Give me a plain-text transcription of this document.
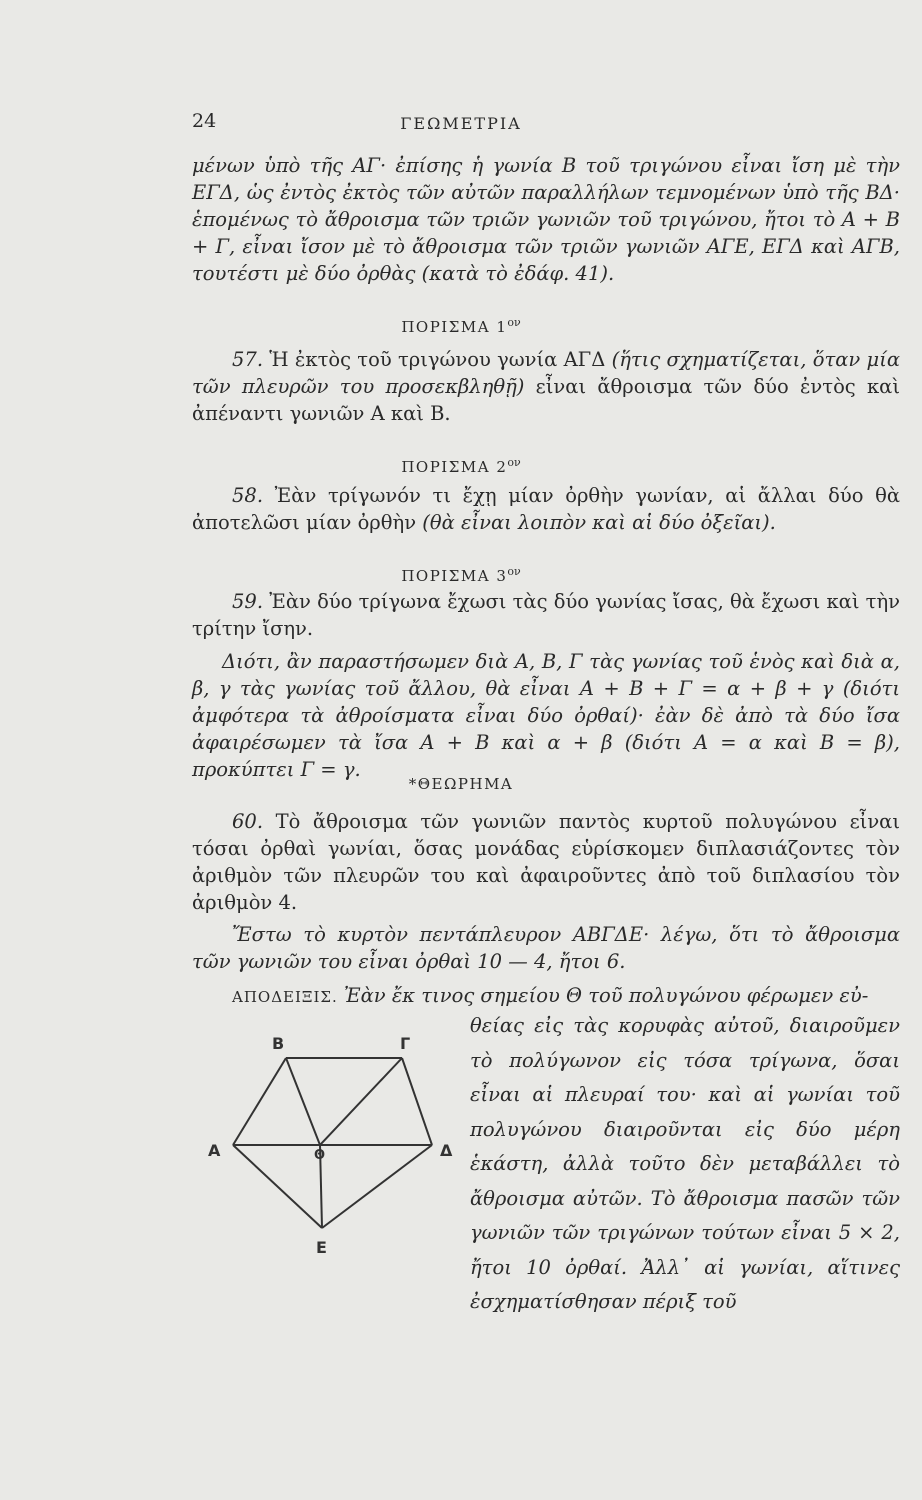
24	ΓΕΩΜΕΤΡΙΑ
μένων ὑπὸ τῆς ΑΓ· ἐπίσης ἡ γωνία Β τοῦ τριγώνου εἶναι ἴση μὲ τὴν ΕΓΔ, ὡς ἐντὸς ἐκτὸς τῶν αὐτῶν παραλλήλων τεμνομένων ὑπὸ τῆς ΒΔ· ἑπομένως τὸ ἄθροισμα τῶν τριῶν γωνιῶν τοῦ τριγώνου, ἤτοι τὸ Α + Β + Γ, εἶναι ἴσον μὲ τὸ ἄθροισμα τῶν τριῶν γωνιῶν ΑΓΕ, ΕΓΔ καὶ ΑΓΒ, τουτέστι μὲ δύο ὀρθὰς (κατὰ τὸ ἐδάφ. 41).
ΠΟΡΙΣΜΑ $1^{o\nu}$
57. Ἡ ἐκτὸς τοῦ τριγώνου γωνία ΑΓΔ (ἥτις σχηματίζεται, ὅταν μία τῶν πλευρῶν του προσεκβληθῇ) εἶναι ἄθροισμα τῶν δύο ἐντὸς καὶ ἀπέναντι γωνιῶν Α καὶ Β.
ΠΟΡΙΣΜΑ $2^{o\nu}$
58. Ἐὰν τρίγωνόν τι ἔχῃ μίαν ὀρθὴν γωνίαν, αἱ ἄλλαι δύο θὰ ἀποτελῶσι μίαν ὀρθὴν (θὰ εἶναι λοιπὸν καὶ αἱ δύο ὀξεῖαι).
ΠΟΡΙΣΜΑ $3^{o\nu}$
59. Ἐὰν δύο τρίγωνα ἔχωσι τὰς δύο γωνίας ἴσας, θὰ ἔχωσι καὶ τὴν τρίτην ἴσην.
Διότι, ἂν παραστήσωμεν διὰ Α, Β, Γ τὰς γωνίας τοῦ ἑνὸς καὶ διὰ α, β, γ τὰς γωνίας τοῦ ἄλλου, θὰ εἶναι Α + Β + Γ = α + β + γ (διότι ἀμφότερα τὰ ἀθροίσματα εἶναι δύο ὀρθαί)· ἐὰν δὲ ἀπὸ τὰ δύο ἴσα ἀφαιρέσωμεν τὰ ἴσα Α + Β καὶ α + β (διότι Α = α καὶ Β = β), προκύπτει Γ = γ.
*ΘΕΩΡΗΜΑ
60. Τὸ ἄθροισμα τῶν γωνιῶν παντὸς κυρτοῦ πολυγώνου εἶναι τόσαι ὀρθαὶ γωνίαι, ὅσας μονάδας εὑρίσκομεν διπλασιάζοντες τὸν ἀριθμὸν τῶν πλευρῶν του καὶ ἀφαιροῦντες ἀπὸ τοῦ διπλασίου τὸν ἀριθμὸν 4.
Ἔστω τὸ κυρτὸν πεντάπλευρον ΑΒΓΔΕ· λέγω, ὅτι τὸ ἄθροισμα τῶν γωνιῶν του εἶναι ὀρθαὶ 10 — 4, ἤτοι 6.
ΑΠΟΔΕΙΞΙΣ. Ἐὰν ἔκ τινος σημείου Θ τοῦ πολυγώνου φέρωμεν εὐ-
Β	Γ
Α	Δ
Θ
Ε
θείας εἰς τὰς κορυφὰς αὐτοῦ, διαιροῦμεν τὸ πολύγωνον εἰς τόσα τρίγωνα, ὅσαι εἶναι αἱ πλευραί του· καὶ αἱ γωνίαι τοῦ πολυγώνου διαιροῦνται εἰς δύο μέρη ἑκάστη, ἀλλὰ τοῦτο δὲν μεταβάλλει τὸ ἄθροισμα αὐτῶν. Τὸ ἄθροισμα πασῶν τῶν γωνιῶν τῶν τριγώνων τούτων εἶναι 5 × 2, ἤτοι 10 ὀρθαί. Ἀλλ᾽ αἱ γωνίαι, αἵτινες ἐσχηματίσθησαν πέριξ τοῦ
